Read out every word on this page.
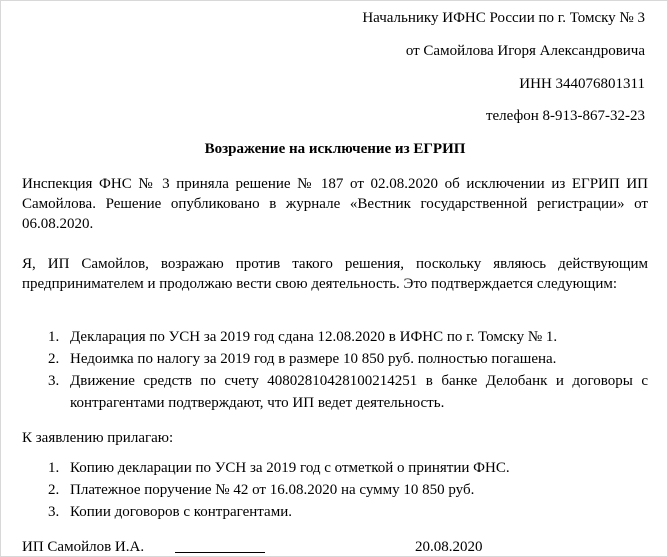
Начальнику ИФНС России по г. Томску № 3
от Самойлова Игоря Александровича
ИНН 344076801311
телефон 8-913-867-32-23
Возражение на исключение из ЕГРИП

Инспекция ФНС № 3 приняла решение № 187 от 02.08.2020 об исключении из ЕГРИП ИП Самойлова. Решение опубликовано в журнале «Вестник государственной регистрации» от 06.08.2020.

Я, ИП Самойлов, возражаю против такого решения, поскольку являюсь действующим предпринимателем и продолжаю вести свою деятельность. Это подтверждается следующим:

1. Декларация по УСН за 2019 год сдана 12.08.2020 в ИФНС по г. Томску № 1.
2. Недоимка по налогу за 2019 год в размере 10 850 руб. полностью погашена.
3. Движение средств по счету 40802810428100214251 в банке Делобанк и договоры с контрагентами подтверждают, что ИП ведет деятельность.
К заявлению прилагаю:
1. Копию декларации по УСН за 2019 год с отметкой о принятии ФНС.
2. Платежное поручение № 42 от 16.08.2020 на сумму 10 850 руб.
3. Копии договоров с контрагентами.
ИП Самойлов И.А.	20.08.2020
